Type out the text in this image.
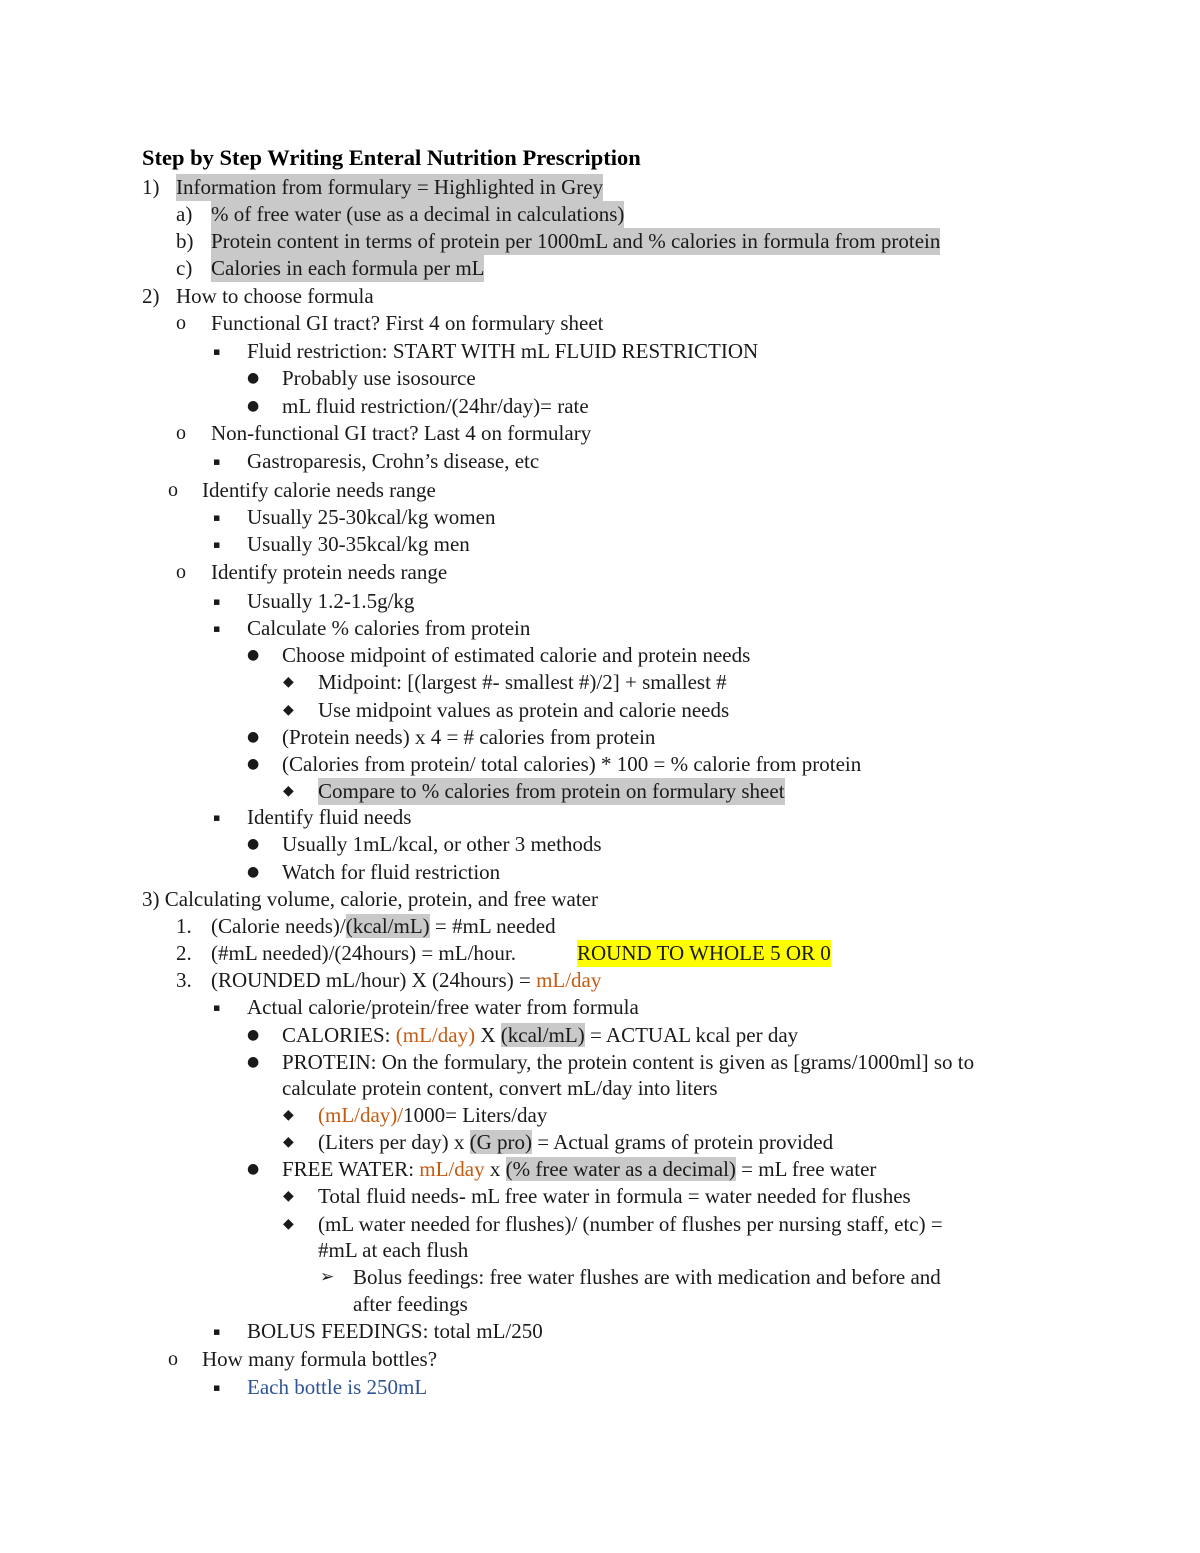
Step by Step Writing Enteral Nutrition Prescription
1) Information from formulary = Highlighted in Grey
a) % of free water (use as a decimal in calculations)
b) Protein content in terms of protein per 1000mL and % calories in formula from protein
c) Calories in each formula per mL
2) How to choose formula
o Functional GI tract? First 4 on formulary sheet
▪ Fluid restriction: START WITH mL FLUID RESTRICTION
● Probably use isosource
● mL fluid restriction/(24hr/day)= rate
o Non-functional GI tract? Last 4 on formulary
▪ Gastroparesis, Crohn’s disease, etc
o Identify calorie needs range
▪ Usually 25-30kcal/kg women
▪ Usually 30-35kcal/kg men
o Identify protein needs range
▪ Usually 1.2-1.5g/kg
▪ Calculate % calories from protein
● Choose midpoint of estimated calorie and protein needs
◆ Midpoint: [(largest #- smallest #)/2] + smallest #
◆ Use midpoint values as protein and calorie needs
● (Protein needs) x 4 = # calories from protein
● (Calories from protein/ total calories) * 100 = % calorie from protein
◆ Compare to % calories from protein on formulary sheet
▪ Identify fluid needs
● Usually 1mL/kcal, or other 3 methods
● Watch for fluid restriction
3) Calculating volume, calorie, protein, and free water
1. (Calorie needs)/(kcal/mL) = #mL needed
2. (#mL needed)/(24hours) = mL/hour.	ROUND TO WHOLE 5 OR 0
3. (ROUNDED mL/hour) X (24hours) = mL/day
▪ Actual calorie/protein/free water from formula
● CALORIES: (mL/day) X (kcal/mL) = ACTUAL kcal per day
● PROTEIN: On the formulary, the protein content is given as [grams/1000ml] so to
calculate protein content, convert mL/day into liters
◆ (mL/day)/1000= Liters/day
◆ (Liters per day) x (G pro) = Actual grams of protein provided
● FREE WATER: mL/day x (% free water as a decimal) = mL free water
◆ Total fluid needs- mL free water in formula = water needed for flushes
◆ (mL water needed for flushes)/ (number of flushes per nursing staff, etc) =
#mL at each flush
➢ Bolus feedings: free water flushes are with medication and before and
after feedings
▪ BOLUS FEEDINGS: total mL/250
o How many formula bottles?
▪ Each bottle is 250mL
